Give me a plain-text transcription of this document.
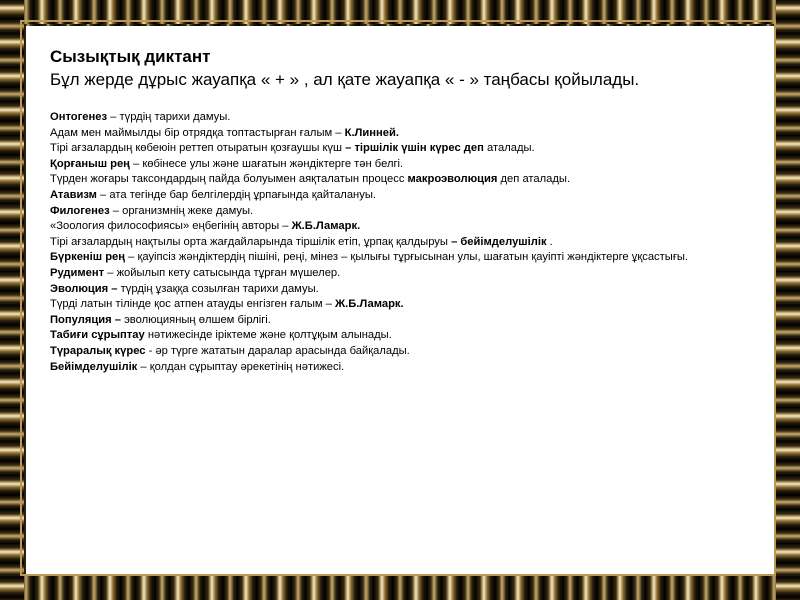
Сызықтық диктант
Бұл жерде дұрыс жауапқа « + » , ал қате жауапқа « - » таңбасы қойылады.
Онтогенез – түрдің тарихи дамуы.
Адам мен маймылды бір отрядқа топтастырған ғалым – К.Линней.
Тірі ағзалардың көбеюін реттеп отыратын қозғаушы күш – тіршілік үшін күрес деп аталады.
Қорғаныш рең – көбінесе улы және шағатын жәндіктерге тән белгі.
Түрден жоғары таксондардың пайда болуымен аяқталатын процесс макроэволюция деп аталады.
Атавизм – ата тегінде бар белгілердің ұрпағында қайталануы.
Филогенез – организмнің жеке дамуы.
«Зоология философиясы» еңбегінің авторы – Ж.Б.Ламарк.
Тірі ағзалардың нақтылы орта жағдайларында тіршілік етіп, ұрпақ қалдыруы – бейімделушілік .
Бүркеніш рең – қауіпсіз жәндіктердің пішіні, реңі, мінез – қылығы тұрғысынан улы, шағатын қауіпті жәндіктерге ұқсастығы.
Рудимент – жойылып кету сатысында тұрған мүшелер.
Эволюция – түрдің ұзаққа созылған тарихи дамуы.
Түрді латын тілінде қос атпен атауды енгізген ғалым – Ж.Б.Ламарк.
Популяция – эволюцияның өлшем бірлігі.
Табиғи сұрыптау нәтижесінде іріктеме және қолтұқым алынады.
Түраралық күрес - әр түрге жататын даралар арасында байқалады.
Бейімделушілік – қолдан сұрыптау әрекетінің нәтижесі.
